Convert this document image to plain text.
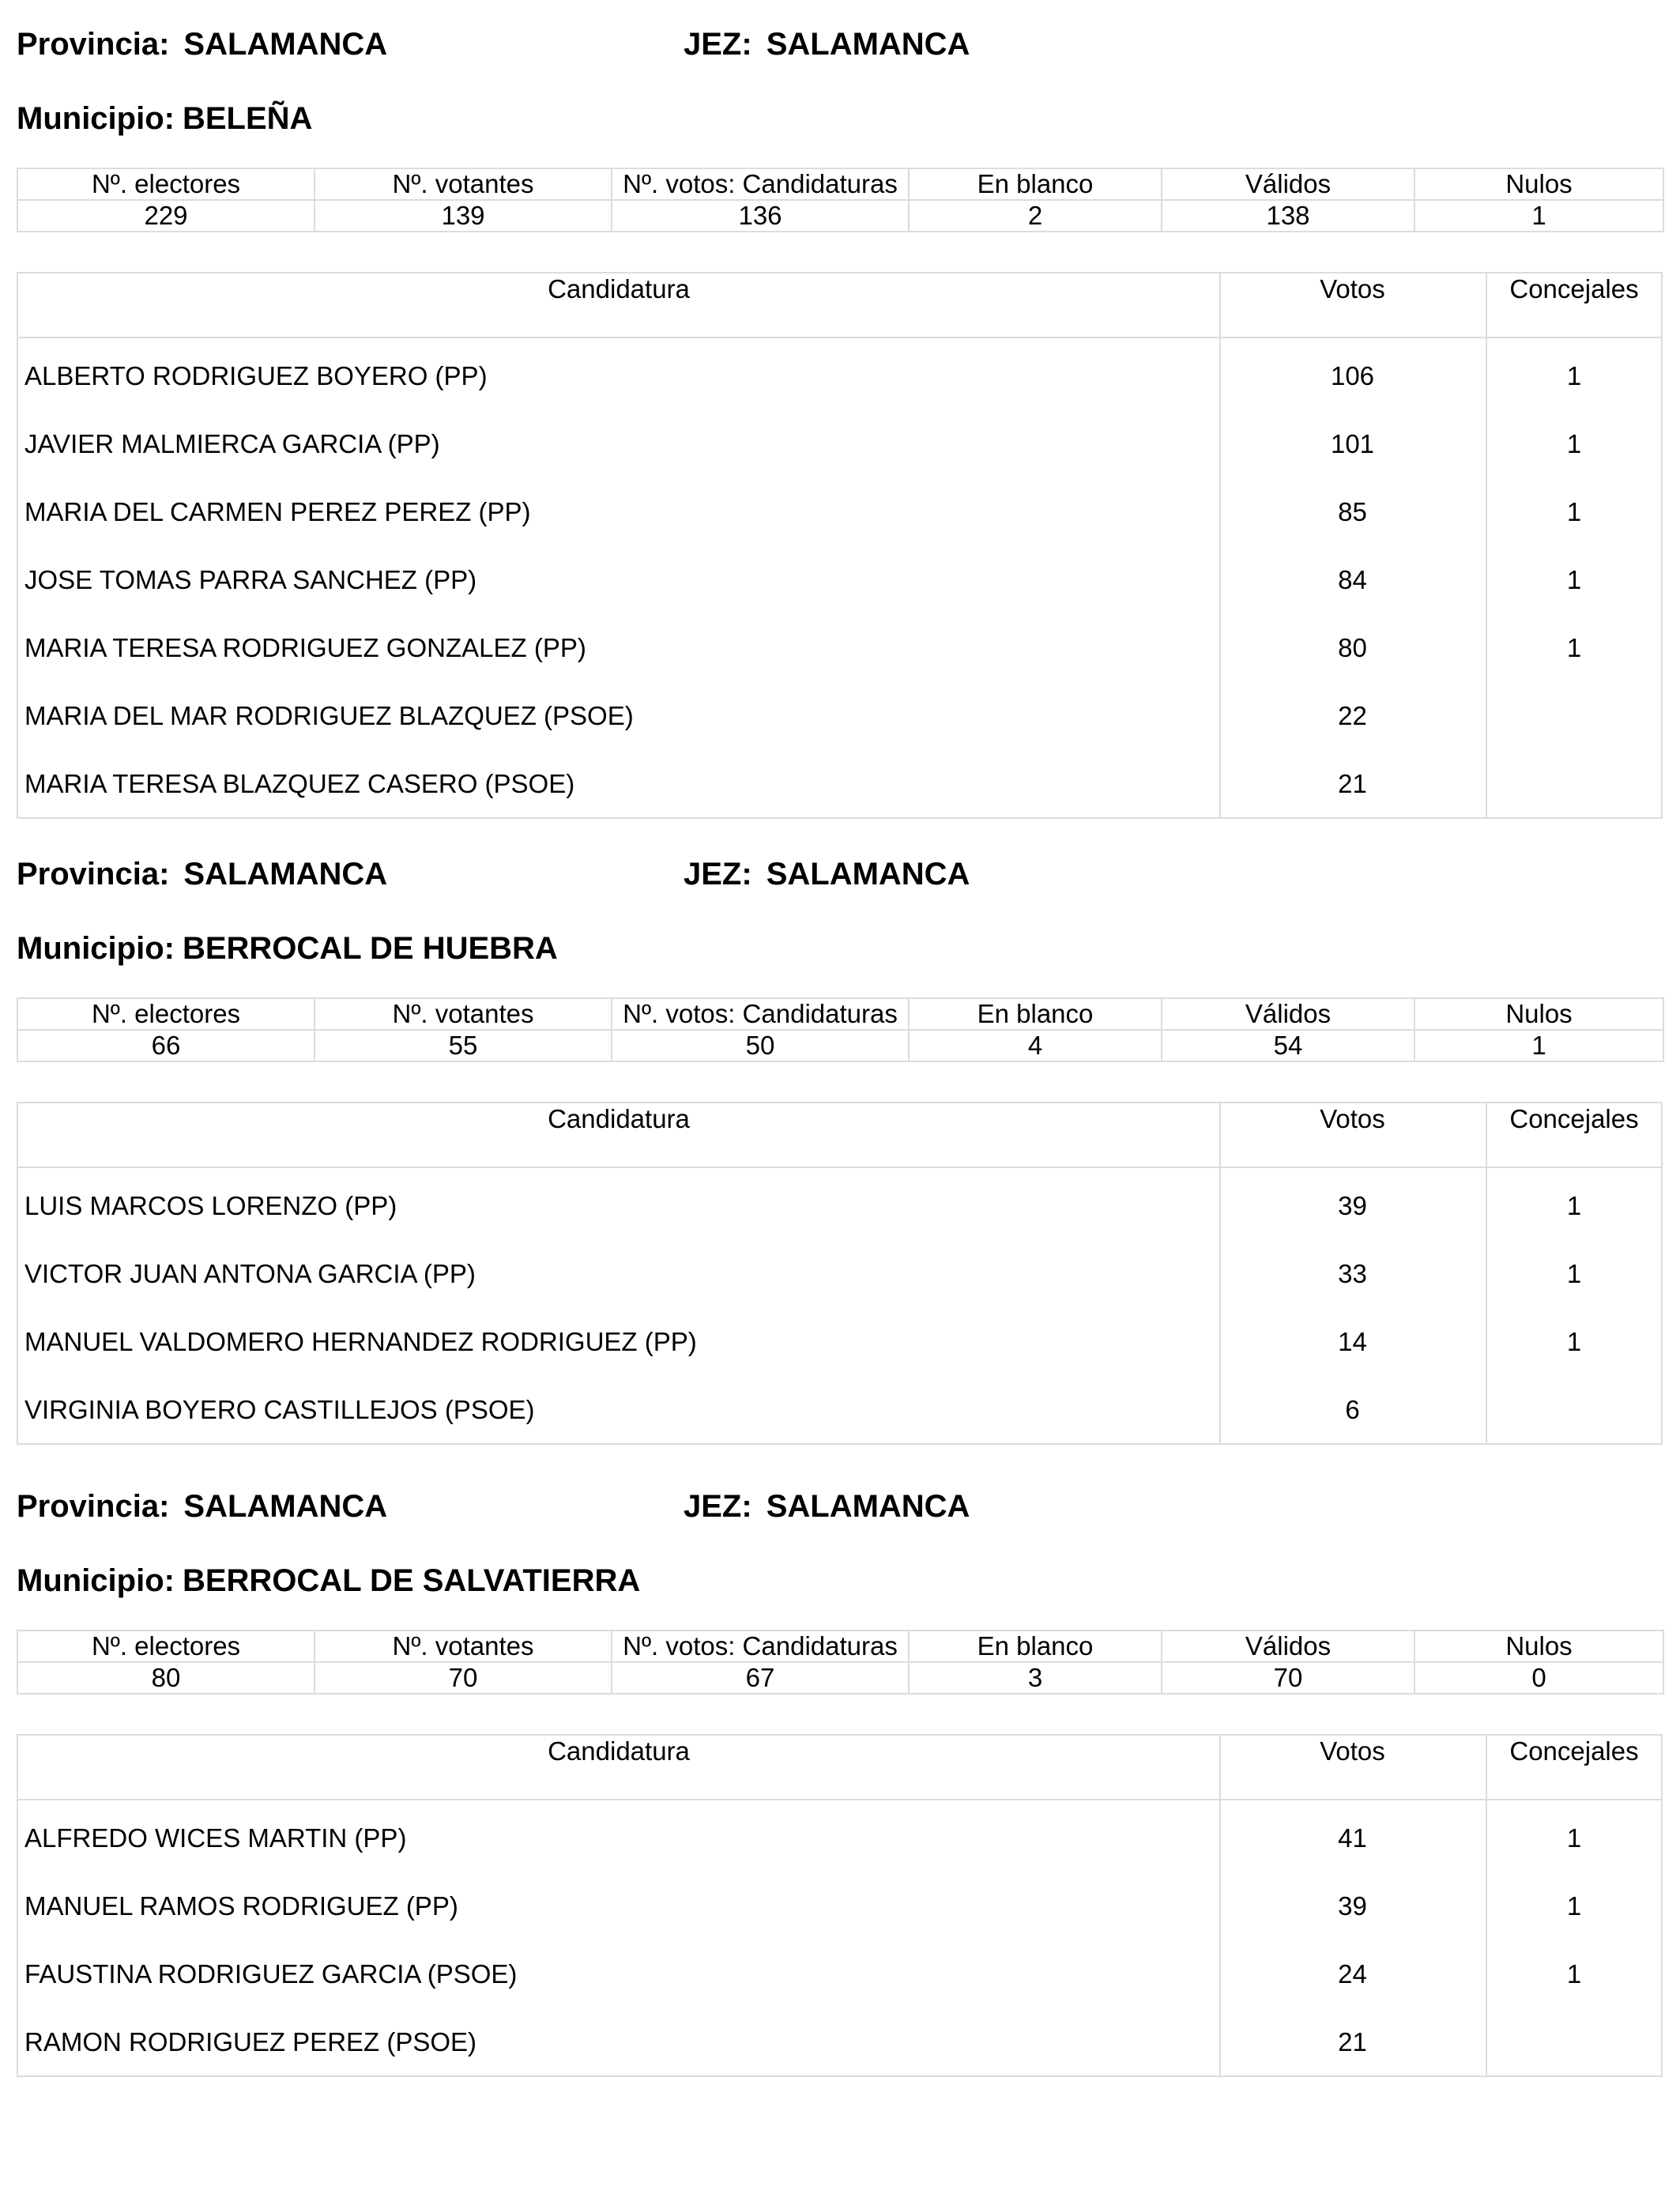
Provincia: SALAMANCA	JEZ: SALAMANCA
Municipio: BELEÑA
Nº. electores	Nº. votantes	Nº. votos: Candidaturas	En blanco	Válidos	Nulos
229	139	136	2	138	1
Candidatura	Votos	Concejales
ALBERTO RODRIGUEZ BOYERO (PP)	106	1
JAVIER MALMIERCA GARCIA (PP)	101	1
MARIA DEL CARMEN PEREZ PEREZ (PP)	85	1
JOSE TOMAS PARRA SANCHEZ (PP)	84	1
MARIA TERESA RODRIGUEZ GONZALEZ (PP)	80	1
MARIA DEL MAR RODRIGUEZ BLAZQUEZ (PSOE)	22
MARIA TERESA BLAZQUEZ CASERO (PSOE)	21
Provincia: SALAMANCA	JEZ: SALAMANCA
Municipio: BERROCAL DE HUEBRA
Nº. electores	Nº. votantes	Nº. votos: Candidaturas	En blanco	Válidos	Nulos
66	55	50	4	54	1
Candidatura	Votos	Concejales
LUIS MARCOS LORENZO (PP)	39	1
VICTOR JUAN ANTONA GARCIA (PP)	33	1
MANUEL VALDOMERO HERNANDEZ RODRIGUEZ (PP)	14	1
VIRGINIA BOYERO CASTILLEJOS (PSOE)	6
Provincia: SALAMANCA	JEZ: SALAMANCA
Municipio: BERROCAL DE SALVATIERRA
Nº. electores	Nº. votantes	Nº. votos: Candidaturas	En blanco	Válidos	Nulos
80	70	67	3	70	0
Candidatura	Votos	Concejales
ALFREDO WICES MARTIN (PP)	41	1
MANUEL RAMOS RODRIGUEZ (PP)	39	1
FAUSTINA RODRIGUEZ GARCIA (PSOE)	24	1
RAMON RODRIGUEZ PEREZ (PSOE)	21
